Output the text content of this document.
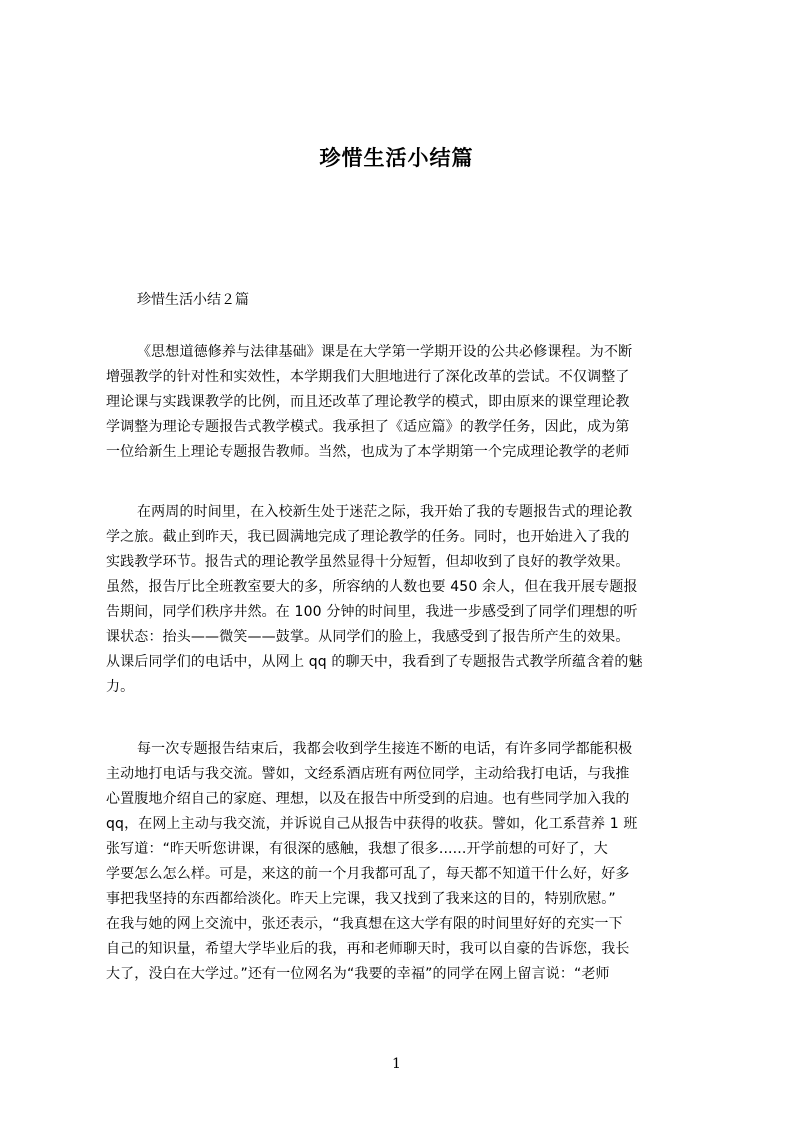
珍惜生活小结篇
珍惜生活小结２篇
《思想道德修养与法律基础》课是在大学第一学期开设的公共必修课程。为不断
增强教学的针对性和实效性，本学期我们大胆地进行了深化改革的尝试。不仅调整了
理论课与实践课教学的比例，而且还改革了理论教学的模式，即由原来的课堂理论教
学调整为理论专题报告式教学模式。我承担了《适应篇》的教学任务，因此，成为第
一位给新生上理论专题报告教师。当然，也成为了本学期第一个完成理论教学的老师
在两周的时间里，在入校新生处于迷茫之际，我开始了我的专题报告式的理论教
学之旅。截止到昨天，我已圆满地完成了理论教学的任务。同时，也开始进入了我的
实践教学环节。报告式的理论教学虽然显得十分短暂，但却收到了良好的教学效果。
虽然，报告厅比全班教室要大的多，所容纳的人数也要 450 余人，但在我开展专题报
告期间，同学们秩序井然。在 100 分钟的时间里，我进一步感受到了同学们理想的听
课状态：抬头——微笑——鼓掌。从同学们的脸上，我感受到了报告所产生的效果。
从课后同学们的电话中，从网上 qq 的聊天中，我看到了专题报告式教学所蕴含着的魅
力。
每一次专题报告结束后，我都会收到学生接连不断的电话，有许多同学都能积极
主动地打电话与我交流。譬如，文经系酒店班有两位同学，主动给我打电话，与我推
心置腹地介绍自己的家庭、理想，以及在报告中所受到的启迪。也有些同学加入我的
qq，在网上主动与我交流，并诉说自己从报告中获得的收获。譬如，化工系营养 1 班
张写道：“昨天听您讲课，有很深的感触，我想了很多......开学前想的可好了，大
学要怎么怎么样。可是，来这的前一个月我都可乱了，每天都不知道干什么好，好多
事把我坚持的东西都给淡化。昨天上完课，我又找到了我来这的目的，特别欣慰。”
在我与她的网上交流中，张还表示，“我真想在这大学有限的时间里好好的充实一下
自己的知识量，希望大学毕业后的我，再和老师聊天时，我可以自豪的告诉您，我长
大了，没白在大学过。”还有一位网名为“我要的幸福”的同学在网上留言说：“老师
1
